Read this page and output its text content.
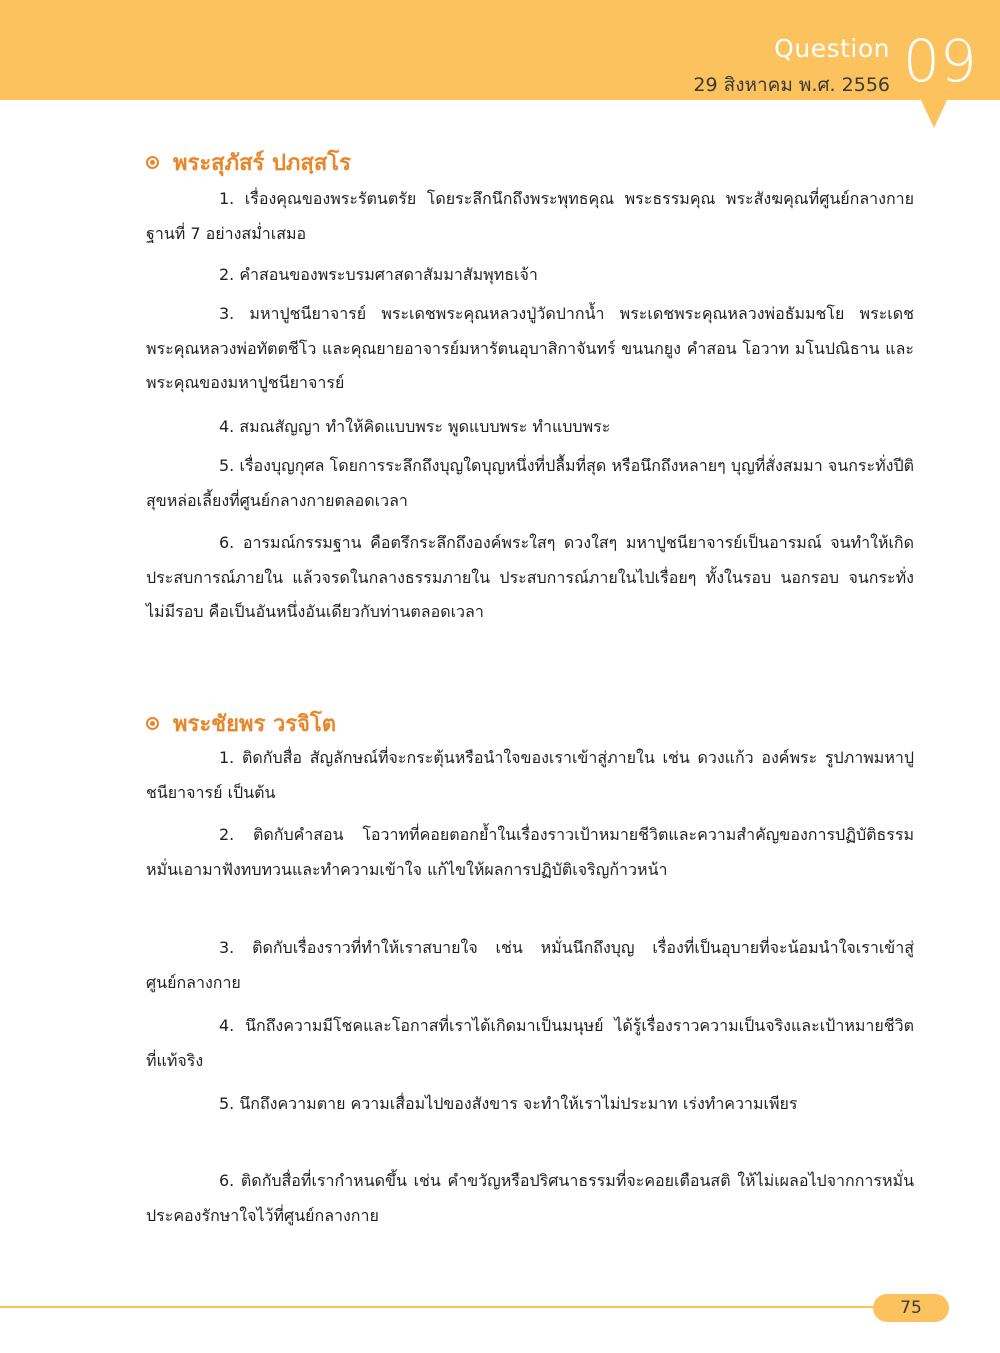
Question
29 สิงหาคม พ.ศ. 2556 09
พระสุภัสร์ ปภสฺสโร

1. เรื่องคุณของพระรัตนตรัย โดยระลึกนึกถึงพระพุทธคุณ พระธรรมคุณ พระสังฆคุณที่ศูนย์กลางกายฐานที่ 7 อย่างสม่ำเสมอ

2. คำสอนของพระบรมศาสดาสัมมาสัมพุทธเจ้า

3. มหาปูชนียาจารย์ พระเดชพระคุณหลวงปู่วัดปากน้ำ พระเดชพระคุณหลวงพ่อธัมมชโย พระเดชพระคุณหลวงพ่อทัตตชีโว และคุณยายอาจารย์มหารัตนอุบาสิกาจันทร์ ขนนกยูง คำสอน โอวาท มโนปณิธาน และพระคุณของมหาปูชนียาจารย์

4. สมณสัญญา ทำให้คิดแบบพระ พูดแบบพระ ทำแบบพระ

5. เรื่องบุญกุศล โดยการระลึกถึงบุญใดบุญหนึ่งที่ปลื้มที่สุด หรือนึกถึงหลายๆ บุญที่สั่งสมมา จนกระทั่งปีติสุขหล่อเลี้ยงที่ศูนย์กลางกายตลอดเวลา

6. อารมณ์กรรมฐาน คือตรึกระลึกถึงองค์พระใสๆ ดวงใสๆ มหาปูชนียาจารย์เป็นอารมณ์ จนทำให้เกิดประสบการณ์ภายใน แล้วจรดในกลางธรรมภายใน ประสบการณ์ภายในไปเรื่อยๆ ทั้งในรอบ นอกรอบ จนกระทั่งไม่มีรอบ คือเป็นอันหนึ่งอันเดียวกับท่านตลอดเวลา

พระชัยพร วรจิโต

1. ติดกับสื่อ สัญลักษณ์ที่จะกระตุ้นหรือนำใจของเราเข้าสู่ภายใน เช่น ดวงแก้ว องค์พระ รูปภาพมหาปูชนียาจารย์ เป็นต้น

2. ติดกับคำสอน โอวาทที่คอยตอกย้ำในเรื่องราวเป้าหมายชีวิตและความสำคัญของการปฏิบัติธรรม หมั่นเอามาฟังทบทวนและทำความเข้าใจ แก้ไขให้ผลการปฏิบัติเจริญก้าวหน้า

3. ติดกับเรื่องราวที่ทำให้เราสบายใจ เช่น หมั่นนึกถึงบุญ เรื่องที่เป็นอุบายที่จะน้อมนำใจเราเข้าสู่ศูนย์กลางกาย

4. นึกถึงความมีโชคและโอกาสที่เราได้เกิดมาเป็นมนุษย์ ได้รู้เรื่องราวความเป็นจริงและเป้าหมายชีวิตที่แท้จริง

5. นึกถึงความตาย ความเสื่อมไปของสังขาร จะทำให้เราไม่ประมาท เร่งทำความเพียร

6. ติดกับสื่อที่เรากำหนดขึ้น เช่น คำขวัญหรือปริศนาธรรมที่จะคอยเตือนสติ ให้ไม่เผลอไปจากการหมั่นประคองรักษาใจไว้ที่ศูนย์กลางกาย

75
